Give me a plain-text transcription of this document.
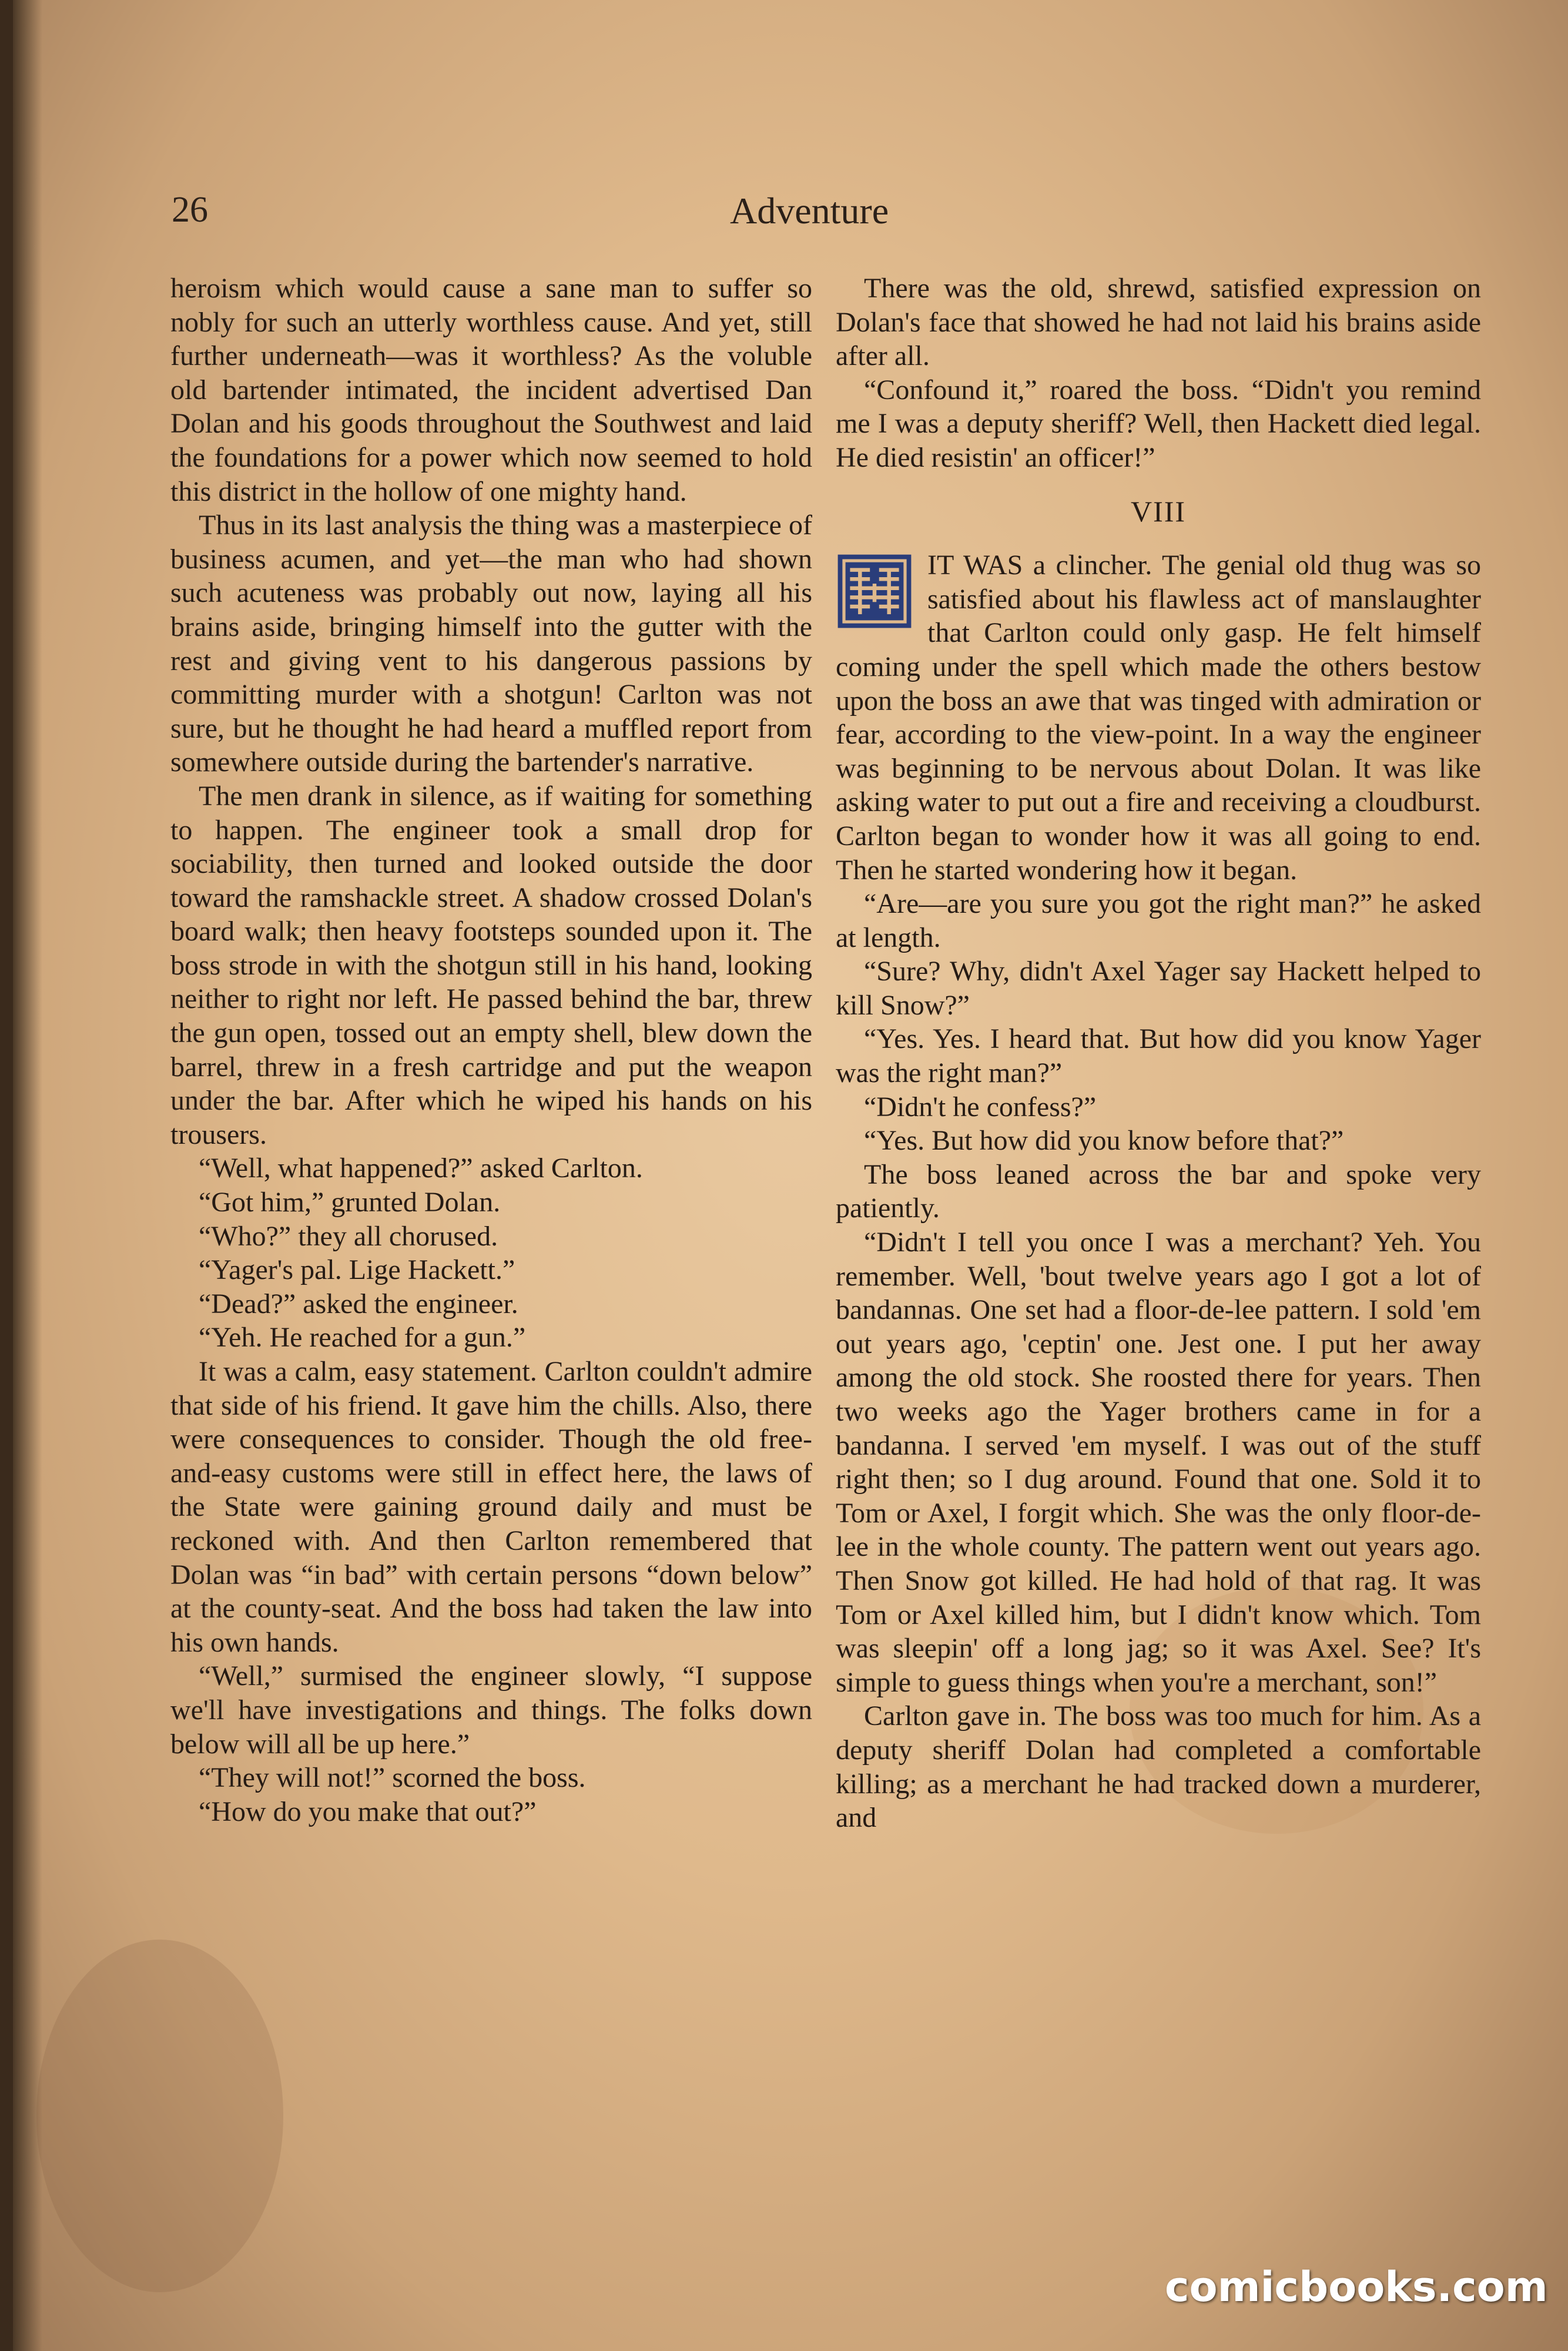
26	Adventure

heroism which would cause a sane man to suffer so nobly for such an utterly worthless cause. And yet, still further underneath—was it worthless? As the voluble old bartender intimated, the incident advertised Dan Dolan and his goods throughout the Southwest and laid the foundations for a power which now seemed to hold this district in the hollow of one mighty hand.

Thus in its last analysis the thing was a masterpiece of business acumen, and yet—the man who had shown such acuteness was probably out now, laying all his brains aside, bringing himself into the gutter with the rest and giving vent to his dangerous passions by committing murder with a shotgun! Carlton was not sure, but he thought he had heard a muffled report from somewhere outside during the bartender's narrative.

The men drank in silence, as if waiting for something to happen. The engineer took a small drop for sociability, then turned and looked outside the door toward the ramshackle street. A shadow crossed Dolan's board walk; then heavy footsteps sounded upon it. The boss strode in with the shotgun still in his hand, looking neither to right nor left. He passed behind the bar, threw the gun open, tossed out an empty shell, blew down the barrel, threw in a fresh cartridge and put the weapon under the bar. After which he wiped his hands on his trousers.

“Well, what happened?” asked Carlton.

“Got him,” grunted Dolan.

“Who?” they all chorused.

“Yager's pal. Lige Hackett.”

“Dead?” asked the engineer.

“Yeh. He reached for a gun.”

It was a calm, easy statement. Carlton couldn't admire that side of his friend. It gave him the chills. Also, there were consequences to consider. Though the old free-and-easy customs were still in effect here, the laws of the State were gaining ground daily and must be reckoned with. And then Carlton remembered that Dolan was “in bad” with certain persons “down below” at the county-seat. And the boss had taken the law into his own hands.

“Well,” surmised the engineer slowly, “I suppose we'll have investigations and things. The folks down below will all be up here.”

“They will not!” scorned the boss.

“How do you make that out?”

There was the old, shrewd, satisfied expression on Dolan's face that showed he had not laid his brains aside after all.

“Confound it,” roared the boss. “Didn't you remind me I was a deputy sheriff? Well, then Hackett died legal. He died resistin' an officer!”

VIII

IT WAS a clincher. The genial old thug was so satisfied about his flawless act of manslaughter that Carlton could only gasp. He felt himself coming under the spell which made the others bestow upon the boss an awe that was tinged with admiration or fear, according to the view-point. In a way the engineer was beginning to be nervous about Dolan. It was like asking water to put out a fire and receiving a cloudburst. Carlton began to wonder how it was all going to end. Then he started wondering how it began.

“Are—are you sure you got the right man?” he asked at length.

“Sure? Why, didn't Axel Yager say Hackett helped to kill Snow?”

“Yes. Yes. I heard that. But how did you know Yager was the right man?”

“Didn't he confess?”

“Yes. But how did you know before that?”

The boss leaned across the bar and spoke very patiently.

“Didn't I tell you once I was a merchant? Yeh. You remember. Well, 'bout twelve years ago I got a lot of bandannas. One set had a floor-de-lee pattern. I sold 'em out years ago, 'ceptin' one. Jest one. I put her away among the old stock. She roosted there for years. Then two weeks ago the Yager brothers came in for a bandanna. I served 'em myself. I was out of the stuff right then; so I dug around. Found that one. Sold it to Tom or Axel, I forgit which. She was the only floor-de-lee in the whole county. The pattern went out years ago. Then Snow got killed. He had hold of that rag. It was Tom or Axel killed him, but I didn't know which. Tom was sleepin' off a long jag; so it was Axel. See? It's simple to guess things when you're a merchant, son!”

Carlton gave in. The boss was too much for him. As a deputy sheriff Dolan had completed a comfortable killing; as a merchant he had tracked down a murderer, and

comicbooks.com
